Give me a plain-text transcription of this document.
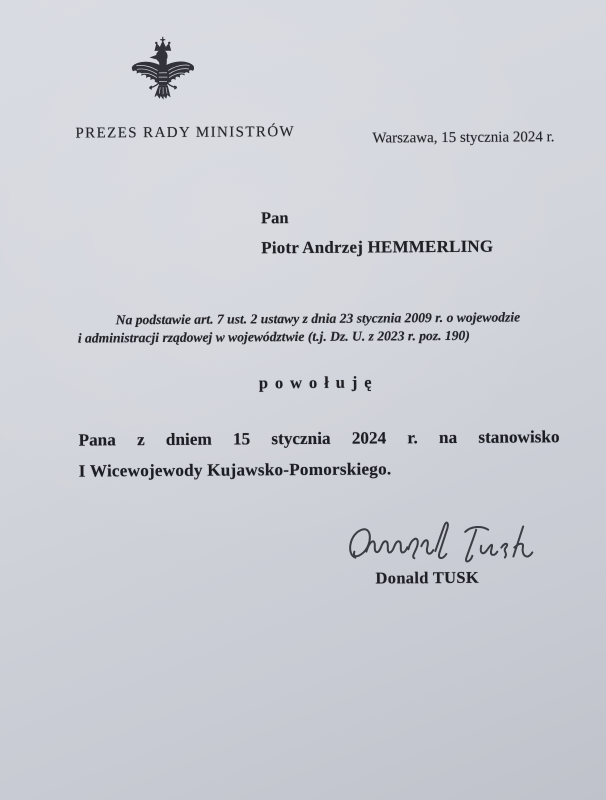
PREZES RADY MINISTRÓW	Warszawa, 15 stycznia 2024 r.
Pan
Piotr Andrzej HEMMERLING
Na podstawie art. 7 ust. 2 ustawy z dnia 23 stycznia 2009 r. o wojewodzie
i administracji rządowej w województwie (t.j. Dz. U. z 2023 r. poz. 190)
powołuję
Pana z dniem 15 stycznia 2024 r. na stanowisko
I Wicewojewody Kujawsko-Pomorskiego.
Donald TUSK
